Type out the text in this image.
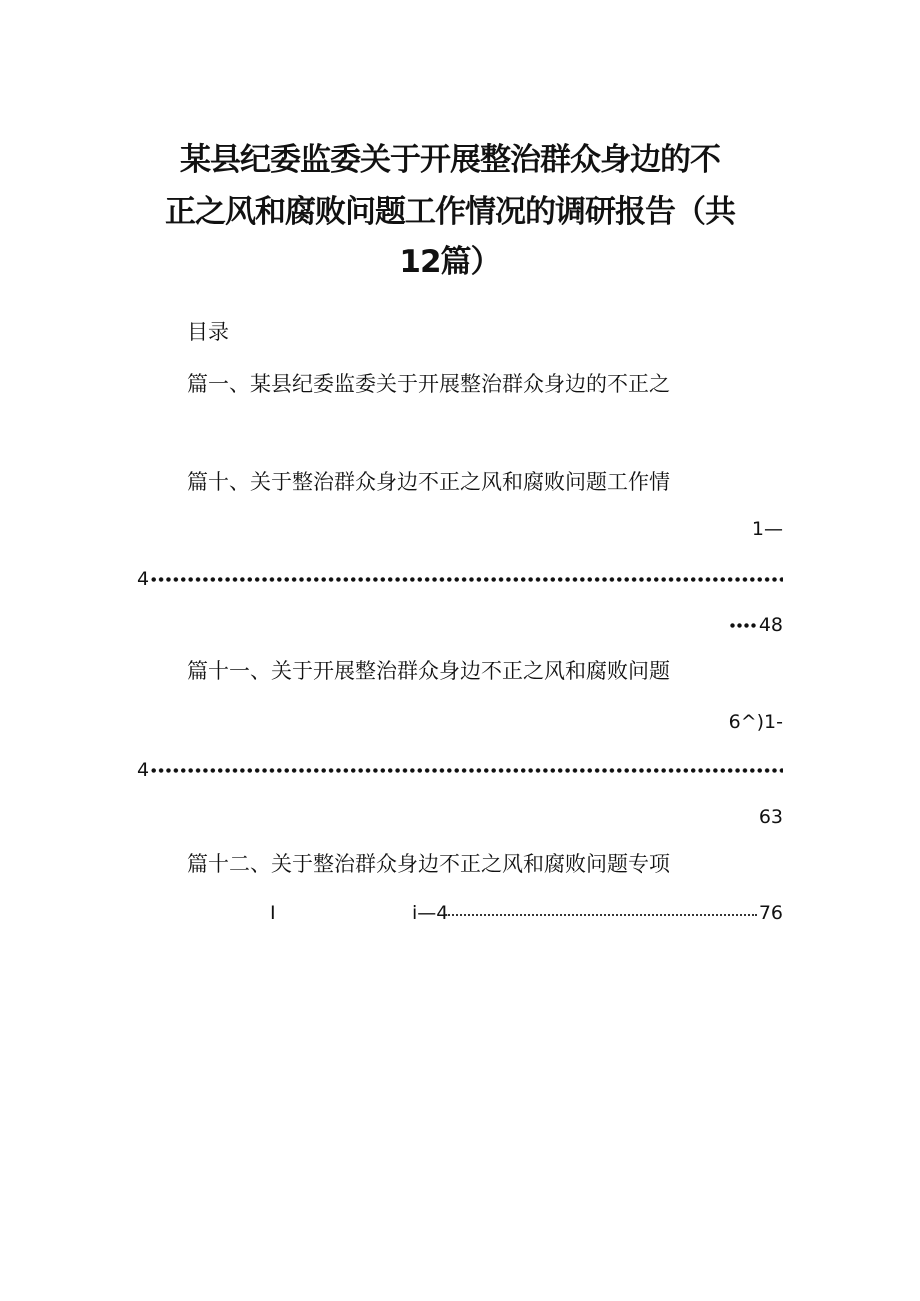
某县纪委监委关于开展整治群众身边的不
正之风和腐败问题工作情况的调研报告（共
12篇）
目录
篇一、某县纪委监委关于开展整治群众身边的不正之
篇十、关于整治群众身边不正之风和腐败问题工作情
1—
4
48
篇十一、关于开展整治群众身边不正之风和腐败问题
6^)1-
4
63
篇十二、关于整治群众身边不正之风和腐败问题专项
I	i—4	76
